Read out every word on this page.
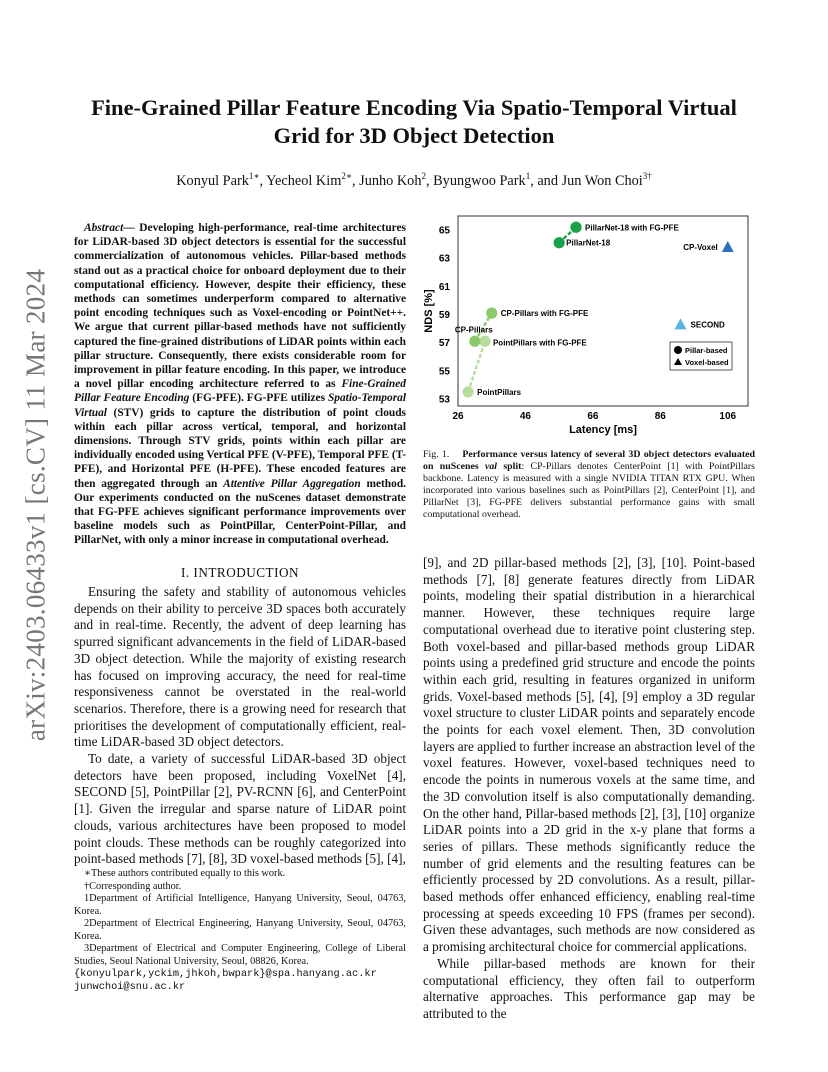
arXiv:2403.06433v1 [cs.CV] 11 Mar 2024
Fine-Grained Pillar Feature Encoding Via Spatio-Temporal Virtual
Grid for 3D Object Detection
Konyul Park$^{1∗}$, Yecheol Kim$^{2∗}$, Junho Koh$^2$, Byungwoo Park$^1$, and Jun Won Choi$^{3\dagger}$
Abstract— Developing high-performance, real-time architectures for LiDAR-based 3D object detectors is essential for the successful commercialization of autonomous vehicles. Pillar-based methods stand out as a practical choice for onboard deployment due to their computational efficiency. However, despite their efficiency, these methods can sometimes underperform compared to alternative point encoding techniques such as Voxel-encoding or PointNet++. We argue that current pillar-based methods have not sufficiently captured the fine-grained distributions of LiDAR points within each pillar structure. Consequently, there exists considerable room for improvement in pillar feature encoding. In this paper, we introduce a novel pillar encoding architecture referred to as Fine-Grained Pillar Feature Encoding (FG-PFE). FG-PFE utilizes Spatio-Temporal Virtual (STV) grids to capture the distribution of point clouds within each pillar across vertical, temporal, and horizontal dimensions. Through STV grids, points within each pillar are individually encoded using Vertical PFE (V-PFE), Temporal PFE (T-PFE), and Horizontal PFE (H-PFE). These encoded features are then aggregated through an Attentive Pillar Aggregation method. Our experiments conducted on the nuScenes dataset demonstrate that FG-PFE achieves significant performance improvements over baseline models such as PointPillar, CenterPoint-Pillar, and PillarNet, with only a minor increase in computational overhead.
I. INTRODUCTION

Ensuring the safety and stability of autonomous vehicles depends on their ability to perceive 3D spaces both accurately and in real-time. Recently, the advent of deep learning has spurred significant advancements in the field of LiDAR-based 3D object detection. While the majority of existing research has focused on improving accuracy, the need for real-time responsiveness cannot be overstated in the real-world scenarios. Therefore, there is a growing need for research that prioritises the development of computationally efficient, real-time LiDAR-based 3D object detectors.

To date, a variety of successful LiDAR-based 3D object detectors have been proposed, including VoxelNet [4], SECOND [5], PointPillar [2], PV-RCNN [6], and CenterPoint [1]. Given the irregular and sparse nature of LiDAR point clouds, various architectures have been proposed to model point clouds. These methods can be roughly categorized into point-based methods [7], [8], 3D voxel-based methods [5], [4],

∗These authors contributed equally to this work.

†Corresponding author.

1Department of Artificial Intelligence, Hanyang University, Seoul, 04763, Korea.

2Department of Electrical Engineering, Hanyang University, Seoul, 04763, Korea.

3Department of Electrical and Computer Engineering, College of Liberal Studies, Seoul National University, Seoul, 08826, Korea.

{konyulpark,yckim,jhkoh,bwpark}@spa.hanyang.ac.kr

junwchoi@snu.ac.kr

26	46	66	86	106
53
55
57
59
61
63
65
Latency [ms]
NDS [%]
PointPillars
PointPillars with FG-PFE
CP-Pillars
CP-Pillars with FG-PFE
PillarNet-18
PillarNet-18 with FG-PFE
CP-Voxel
SECOND
Pillar-based
Voxel-based
Fig. 1. Performance versus latency of several 3D object detectors evaluated on nuScenes val split: CP-Pillars denotes CenterPoint [1] with PointPillars backbone. Latency is measured with a single NVIDIA TITAN RTX GPU. When incorporated into various baselines such as PointPillars [2], CenterPoint [1], and PillarNet [3], FG-PFE delivers substantial performance gains with small computational overhead.

[9], and 2D pillar-based methods [2], [3], [10]. Point-based methods [7], [8] generate features directly from LiDAR points, modeling their spatial distribution in a hierarchical manner. However, these techniques require large computational overhead due to iterative point clustering step. Both voxel-based and pillar-based methods group LiDAR points using a predefined grid structure and encode the points within each grid, resulting in features organized in uniform grids. Voxel-based methods [5], [4], [9] employ a 3D regular voxel structure to cluster LiDAR points and separately encode the points for each voxel element. Then, 3D convolution layers are applied to further increase an abstraction level of the voxel features. However, voxel-based techniques need to encode the points in numerous voxels at the same time, and the 3D convolution itself is also computationally demanding. On the other hand, Pillar-based methods [2], [3], [10] organize LiDAR points into a 2D grid in the x-y plane that forms a series of pillars. These methods significantly reduce the number of grid elements and the resulting features can be efficiently processed by 2D convolutions. As a result, pillar-based methods offer enhanced efficiency, enabling real-time processing at speeds exceeding 10 FPS (frames per second). Given these advantages, such methods are now considered as a promising architectural choice for commercial applications.

While pillar-based methods are known for their computational efficiency, they often fail to outperform alternative approaches. This performance gap may be attributed to the
